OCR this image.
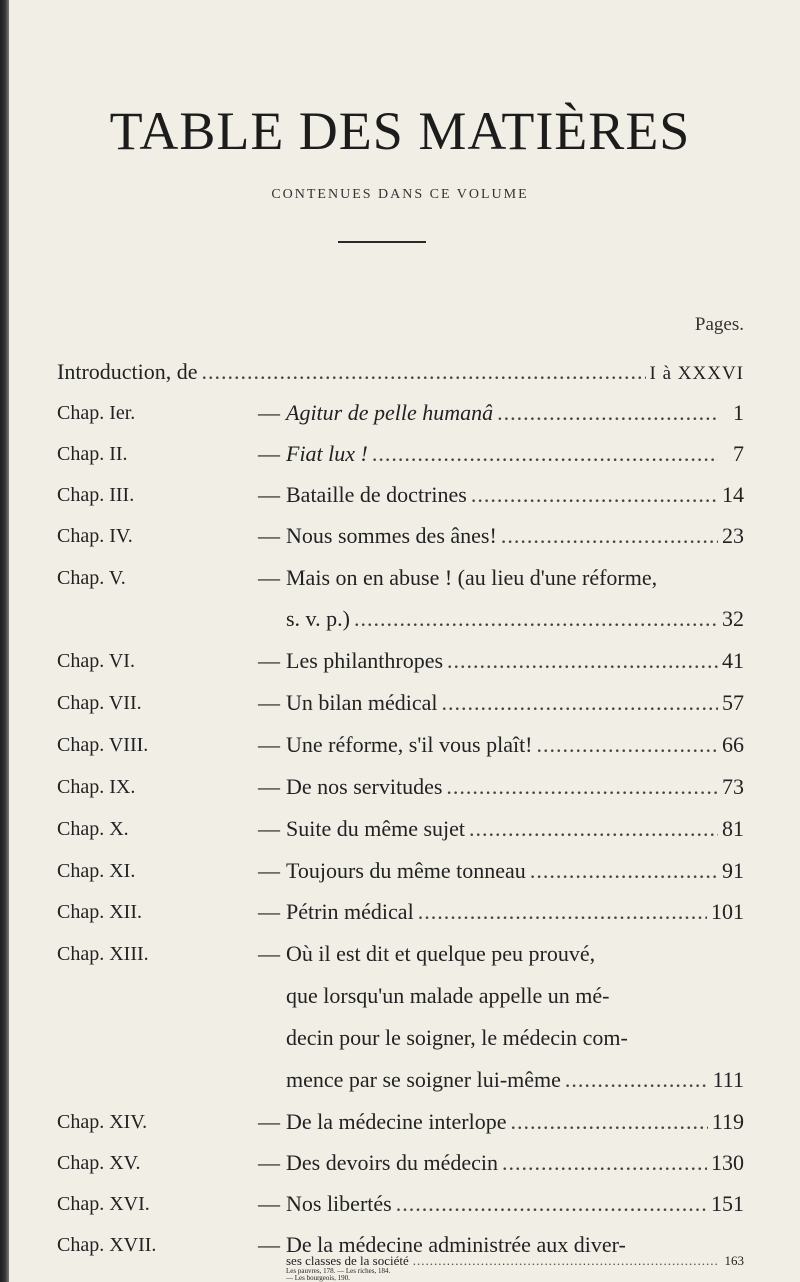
TABLE DES MATIÈRES
CONTENUES DANS CE VOLUME
Pages.
Introduction, de .....	I à XXXVI
Chap. Ier.	— Agitur de pelle humanâ .....	1
Chap. II.	— Fiat lux ! .....	7
Chap. III.	— Bataille de doctrines .....	14
Chap. IV.	— Nous sommes des ânes! .....	23
Chap. V.	— Mais on en abuse ! (au lieu d'une réforme,
s. v. p.) .....	32
Chap. VI.	— Les philanthropes .....	41
Chap. VII.	— Un bilan médical .....	57
Chap. VIII.	— Une réforme, s'il vous plaît! .....	66
Chap. IX.	— De nos servitudes .....	73
Chap. X.	— Suite du même sujet .....	81
Chap. XI.	— Toujours du même tonneau .....	91
Chap. XII.	— Pétrin médical .....	101
Chap. XIII.	— Où il est dit et quelque peu prouvé,
que lorsqu'un malade appelle un mé-
decin pour le soigner, le médecin com-
mence par se soigner lui-même .....	111
Chap. XIV.	— De la médecine interlope .....	119
Chap. XV.	— Des devoirs du médecin .....	130
Chap. XVI.	— Nos libertés .....	151
Chap. XVII.	— De la médecine administrée aux diver-
ses classes de la société .....	163
Les pauvres, 178. — Les riches, 184.
— Les bourgeois, 190.
